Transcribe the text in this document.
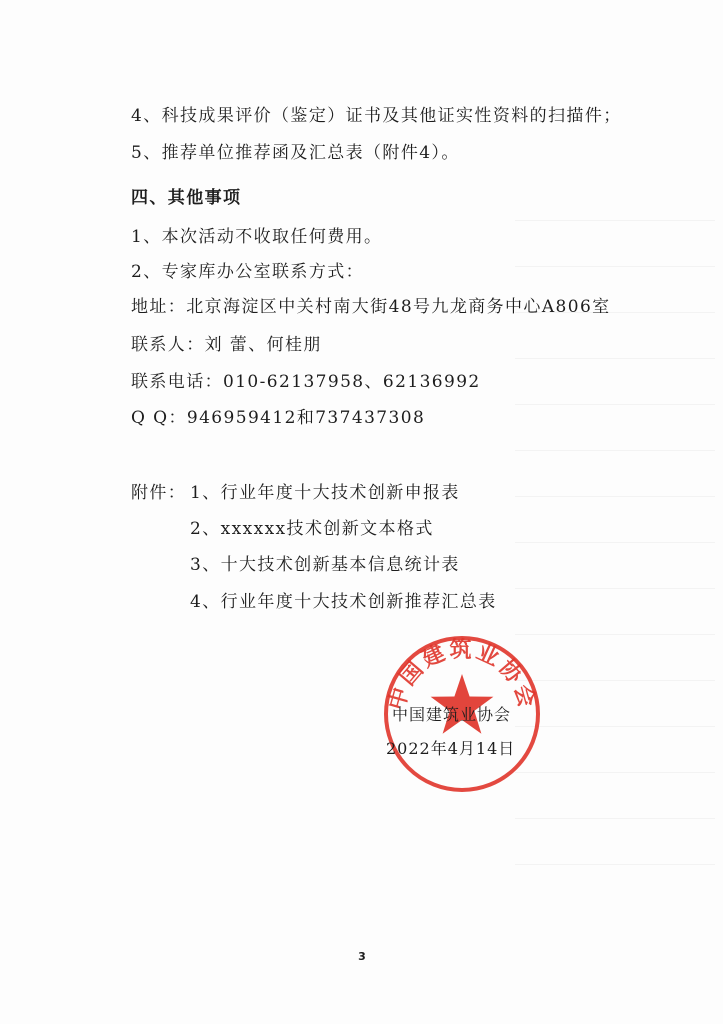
4、科技成果评价（鉴定）证书及其他证实性资料的扫描件；
5、推荐单位推荐函及汇总表（附件4）。
四、其他事项
1、本次活动不收取任何费用。
2、专家库办公室联系方式：
地址：北京海淀区中关村南大街48号九龙商务中心A806室
联系人：刘 蕾、何桂朋
联系电话：010-62137958、62136992
Q Q：946959412和737437308
附件： 1、行业年度十大技术创新申报表
2、xxxxxx技术创新文本格式
3、十大技术创新基本信息统计表
4、行业年度十大技术创新推荐汇总表
中国建筑业协会
中国建筑业协会
2022年4月14日
3
